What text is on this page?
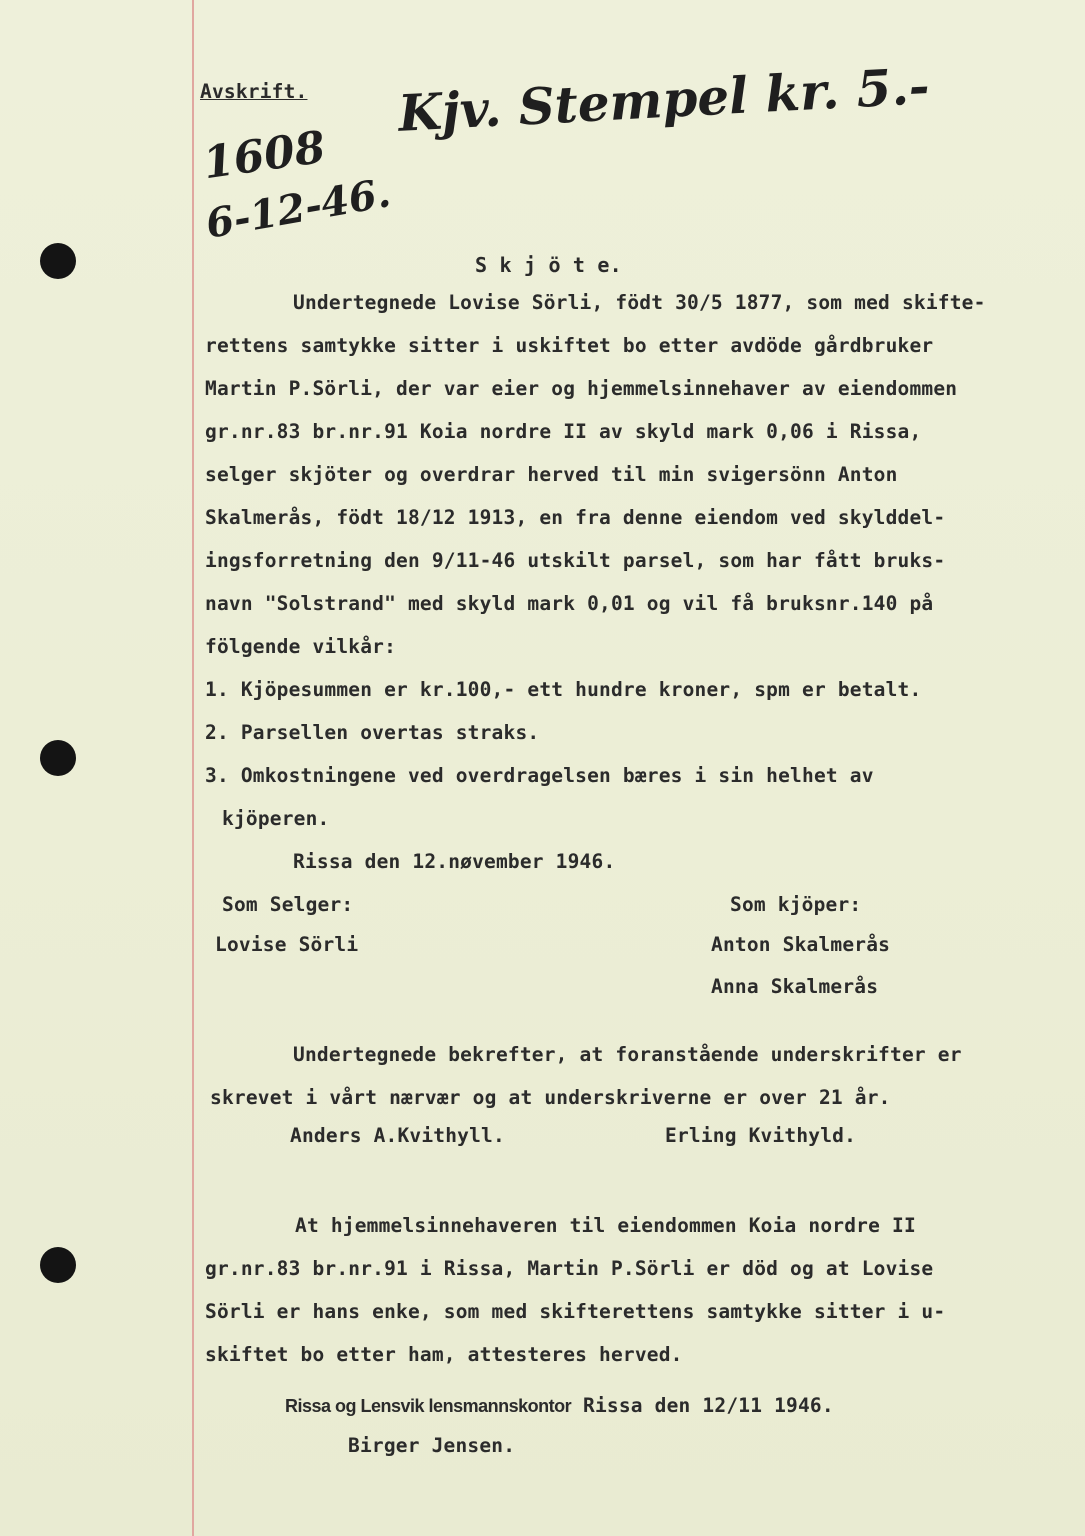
Avskrift.
1608
6-12-46.
Kjv. Stempel kr. 5.-
S k j ö t e.
Undertegnede Lovise Sörli, födt 30/5 1877, som med skifte-
rettens samtykke sitter i uskiftet bo etter avdöde gårdbruker
Martin P.Sörli, der var eier og hjemmelsinnehaver av eiendommen
gr.nr.83 br.nr.91 Koia nordre II av skyld mark 0,06 i Rissa,
selger skjöter og overdrar herved til min svigersönn Anton
Skalmerås, födt 18/12 1913, en fra denne eiendom ved skylddel-
ingsforretning den 9/11-46 utskilt parsel, som har fått bruks-
navn "Solstrand" med skyld mark 0,01 og vil få bruksnr.140 på
fölgende vilkår:
1. Kjöpesummen er kr.100,- ett hundre kroner, spm er betalt.
2. Parsellen overtas straks.
3. Omkostningene ved overdragelsen bæres i sin helhet av
kjöperen.
Rissa den 12.nøvember 1946.
Som Selger:	Som kjöper:
Lovise Sörli	Anton Skalmerås
Anna Skalmerås
Undertegnede bekrefter, at foranstående underskrifter er
skrevet i vårt nærvær og at underskriverne er over 21 år.
Anders A.Kvithyll.	Erling Kvithyld.
At hjemmelsinnehaveren til eiendommen Koia nordre II
gr.nr.83 br.nr.91 i Rissa, Martin P.Sörli er död og at Lovise
Sörli er hans enke, som med skifterettens samtykke sitter i u-
skiftet bo etter ham, attesteres herved.
Rissa og Lensvik lensmannskontor Rissa den 12/11 1946.
Birger Jensen.
